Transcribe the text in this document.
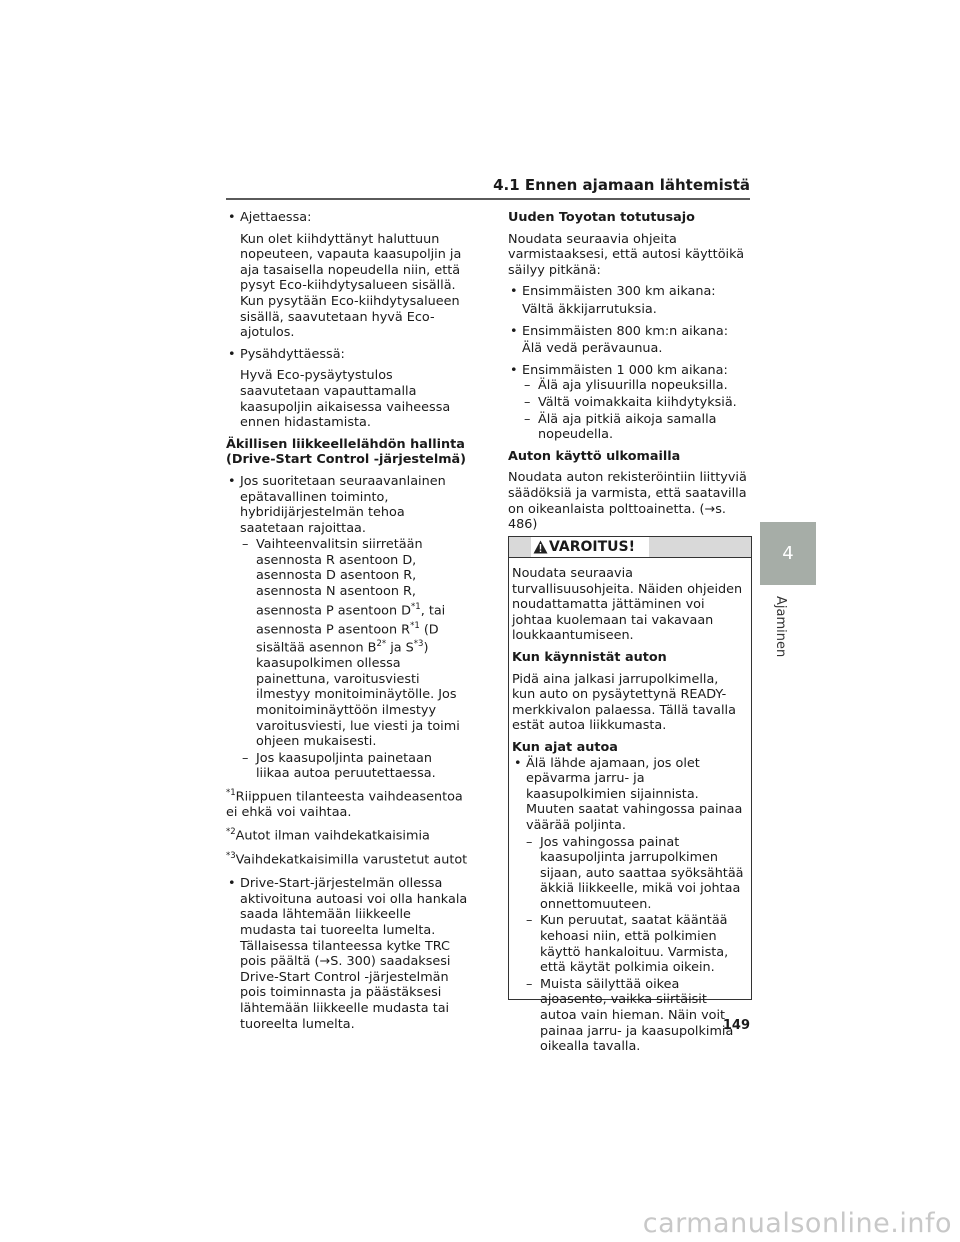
4.1 Ennen ajamaan lähtemistä
• Ajettaessa:
Kun olet kiihdyttänyt haluttuun nopeuteen, vapauta kaasupoljin ja aja tasaisella nopeudella niin, että pysyt Eco-kiihdytysalueen sisällä. Kun pysytään Eco-kiihdytysalueen sisällä, saavutetaan hyvä Eco-ajotulos.
• Pysähdyttäessä:
Hyvä Eco-pysäytystulos saavutetaan vapauttamalla kaasupoljin aikaisessa vaiheessa ennen hidastamista.
Äkillisen liikkeellelähdön hallinta (Drive-Start Control -järjestelmä)
• Jos suoritetaan seuraavanlainen epätavallinen toiminto, hybridijärjestelmän tehoa saatetaan rajoittaa.
– Vaihteenvalitsin siirretään asennosta R asentoon D, asennosta D asentoon R, asennosta N asentoon R, asennosta P asentoon $D^{*1}$, tai asennosta P asentoon $R^{*1}$ (D sisältää asennon $B^{2*}$ ja $S^{*3}$) kaasupolkimen ollessa painettuna, varoitusviesti ilmestyy monitoiminäytölle. Jos monitoiminäyttöön ilmestyy varoitusviesti, lue viesti ja toimi ohjeen mukaisesti.
– Jos kaasupoljinta painetaan liikaa autoa peruutettaessa.
$^{*1}$Riippuen tilanteesta vaihdeasentoa ei ehkä voi vaihtaa.
$^{*2}$Autot ilman vaihdekatkaisimia
$^{*3}$Vaihdekatkaisimilla varustetut autot
• Drive-Start-järjestelmän ollessa aktivoituna autoasi voi olla hankala saada lähtemään liikkeelle mudasta tai tuoreelta lumelta. Tällaisessa tilanteessa kytke TRC pois päältä (→S. 300) saadaksesi Drive-Start Control -järjestelmän pois toiminnasta ja päästäksesi lähtemään liikkeelle mudasta tai tuoreelta lumelta.
Uuden Toyotan totutusajo

Noudata seuraavia ohjeita varmistaaksesi, että autosi käyttöikä säilyy pitkänä:

• Ensimmäisten 300 km aikana:
Vältä äkkijarrutuksia.
• Ensimmäisten 800 km:n aikana:
Älä vedä perävaunua.
• Ensimmäisten 1 000 km aikana:
– Älä aja ylisuurilla nopeuksilla.
– Vältä voimakkaita kiihdytyksiä.
– Älä aja pitkiä aikoja samalla nopeudella.
Auton käyttö ulkomailla

Noudata auton rekisteröintiin liittyviä säädöksiä ja varmista, että saatavilla on oikeanlaista polttoainetta. (→s. 486)

VAROITUS!

Noudata seuraavia turvallisuusohjeita. Näiden ohjeiden noudattamatta jättäminen voi johtaa kuolemaan tai vakavaan loukkaantumiseen.

Kun käynnistät auton

Pidä aina jalkasi jarrupolkimella, kun auto on pysäytettynä READY-merkkivalon palaessa. Tällä tavalla estät autoa liikkumasta.

Kun ajat autoa
• Älä lähde ajamaan, jos olet epävarma jarru- ja kaasupolkimien sijainnista. Muuten saatat vahingossa painaa väärää poljinta.
– Jos vahingossa painat kaasupoljinta jarrupolkimen sijaan, auto saattaa syöksähtää äkkiä liikkeelle, mikä voi johtaa onnettomuuteen.
– Kun peruutat, saatat kääntää kehoasi niin, että polkimien käyttö hankaloituu. Varmista, että käytät polkimia oikein.
– Muista säilyttää oikea ajoasento, vaikka siirtäisit autoa vain hieman. Näin voit painaa jarru- ja kaasupolkimia oikealla tavalla.
4
Ajaminen
149
carmanualsonline.info
